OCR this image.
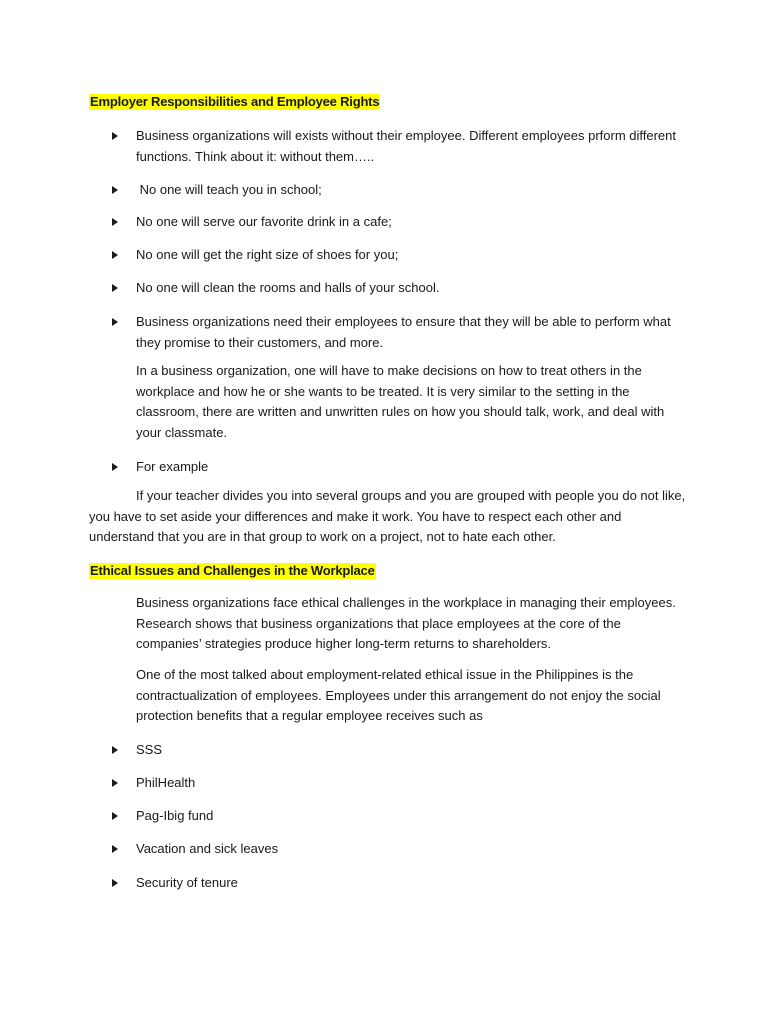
Employer Responsibilities and Employee Rights
Business organizations will exists without their employee. Different employees prform different functions. Think about it: without them…..
No one will teach you in school;
No one will serve our favorite drink in a cafe;
No one will get the right size of shoes for you;
No one will clean the rooms and halls of your school.
Business organizations need their employees to ensure that they will be able to perform what they promise to their customers, and more.
In a business organization, one will have to make decisions on how to treat others in the workplace and how he or she wants to be treated. It is very similar to the setting in the classroom, there are written and unwritten rules on how you should talk, work, and deal with your classmate.
For example
If your teacher divides you into several groups and you are grouped with people you do not like, you have to set aside your differences and make it work. You have to respect each other and understand that you are in that group to work on a project, not to hate each other.
Ethical Issues and Challenges in the Workplace
Business organizations face ethical challenges in the workplace in managing their employees. Research shows that business organizations that place employees at the core of the companies’ strategies produce higher long-term returns to shareholders.
One of the most talked about employment-related ethical issue in the Philippines is the contractualization of employees. Employees under this arrangement do not enjoy the social protection benefits that a regular employee receives such as
SSS
PhilHealth
Pag-Ibig fund
Vacation and sick leaves
Security of tenure
